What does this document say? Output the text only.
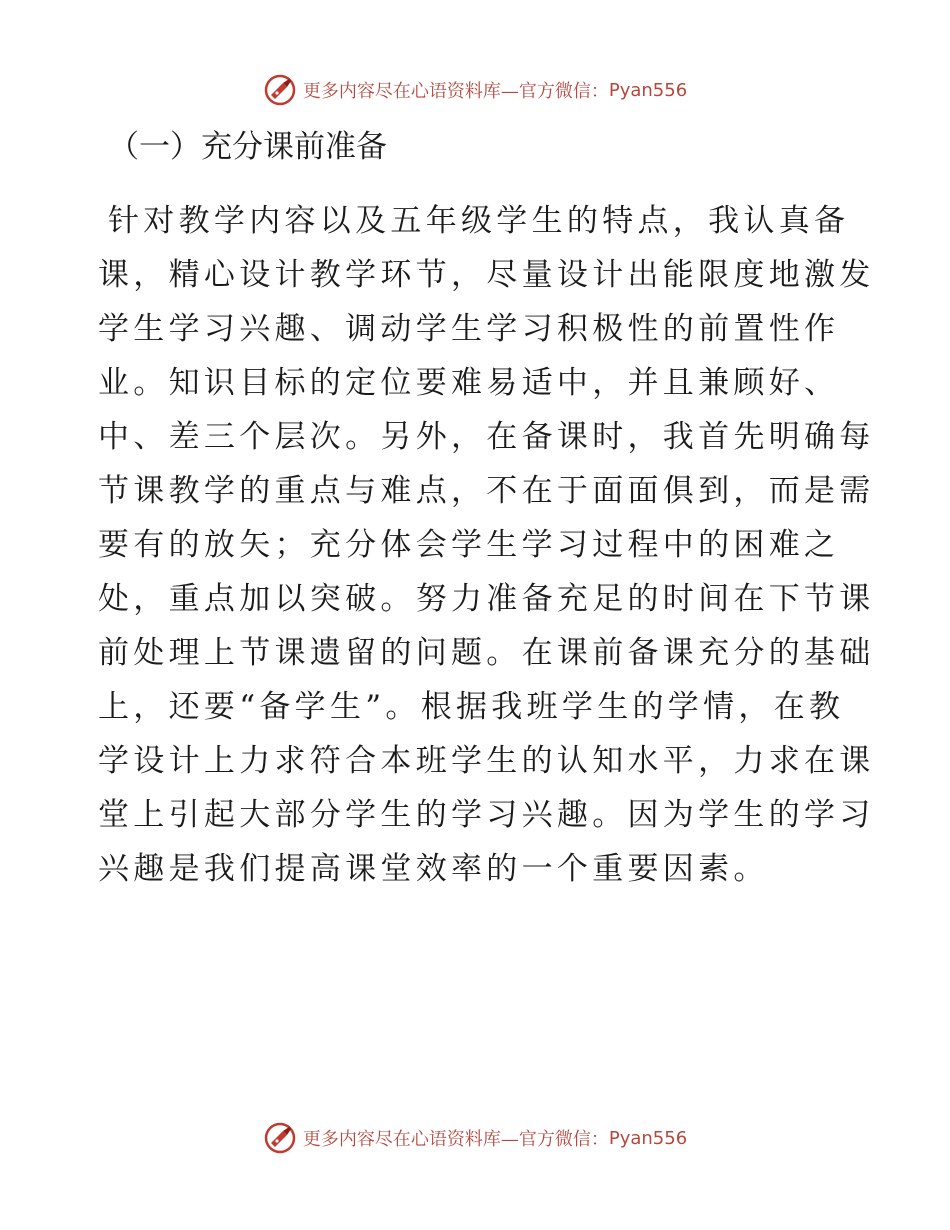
更多内容尽在心语资料库—官方微信： Pyan556
（一）充分课前准备
针对教学内容以及五年级学生的特点，我认真备
课，精心设计教学环节，尽量设计出能限度地激发
学生学习兴趣、调动学生学习积极性的前置性作
业。知识目标的定位要难易适中，并且兼顾好、
中、差三个层次。另外，在备课时，我首先明确每
节课教学的重点与难点，不在于面面俱到，而是需
要有的放矢；充分体会学生学习过程中的困难之
处，重点加以突破。努力准备充足的时间在下节课
前处理上节课遗留的问题。在课前备课充分的基础
上，还要“备学生”。根据我班学生的学情，在教
学设计上力求符合本班学生的认知水平，力求在课
堂上引起大部分学生的学习兴趣。因为学生的学习
兴趣是我们提高课堂效率的一个重要因素。
更多内容尽在心语资料库—官方微信： Pyan556
